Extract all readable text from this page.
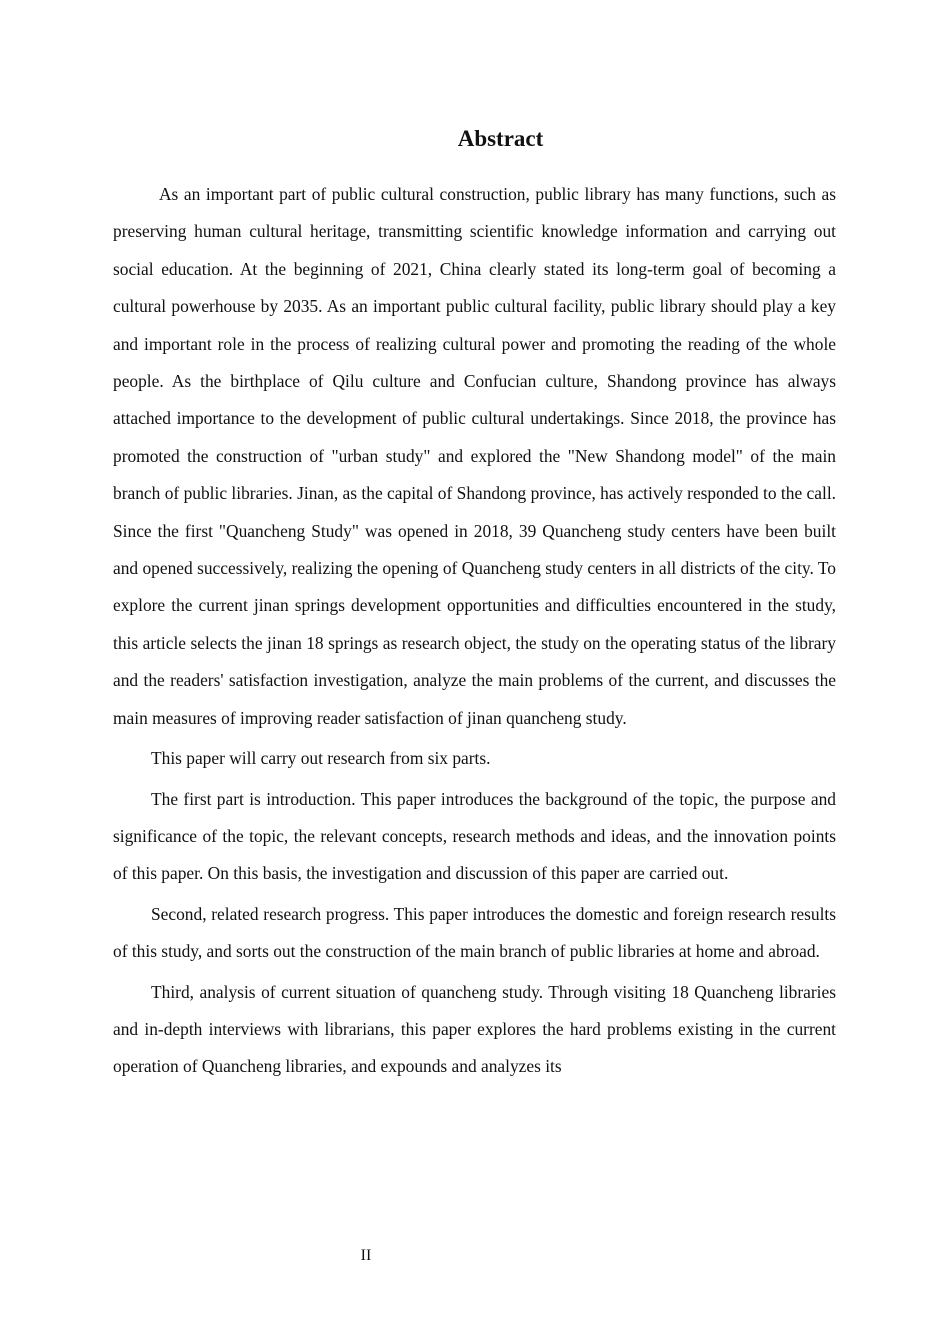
Abstract

As an important part of public cultural construction, public library has many functions, such as preserving human cultural heritage, transmitting scientific knowledge information and carrying out social education. At the beginning of 2021, China clearly stated its long-term goal of becoming a cultural powerhouse by 2035. As an important public cultural facility, public library should play a key and important role in the process of realizing cultural power and promoting the reading of the whole people. As the birthplace of Qilu culture and Confucian culture, Shandong province has always attached importance to the development of public cultural undertakings. Since 2018, the province has promoted the construction of "urban study" and explored the "New Shandong model" of the main branch of public libraries. Jinan, as the capital of Shandong province, has actively responded to the call. Since the first "Quancheng Study" was opened in 2018, 39 Quancheng study centers have been built and opened successively, realizing the opening of Quancheng study centers in all districts of the city. To explore the current jinan springs development opportunities and difficulties encountered in the study, this article selects the jinan 18 springs as research object, the study on the operating status of the library and the readers' satisfaction investigation, analyze the main problems of the current, and discusses the main measures of improving reader satisfaction of jinan quancheng study.

This paper will carry out research from six parts.

The first part is introduction. This paper introduces the background of the topic, the purpose and significance of the topic, the relevant concepts, research methods and ideas, and the innovation points of this paper. On this basis, the investigation and discussion of this paper are carried out.

Second, related research progress. This paper introduces the domestic and foreign research results of this study, and sorts out the construction of the main branch of public libraries at home and abroad.

Third, analysis of current situation of quancheng study. Through visiting 18 Quancheng libraries and in-depth interviews with librarians, this paper explores the hard problems existing in the current operation of Quancheng libraries, and expounds and analyzes its

II
